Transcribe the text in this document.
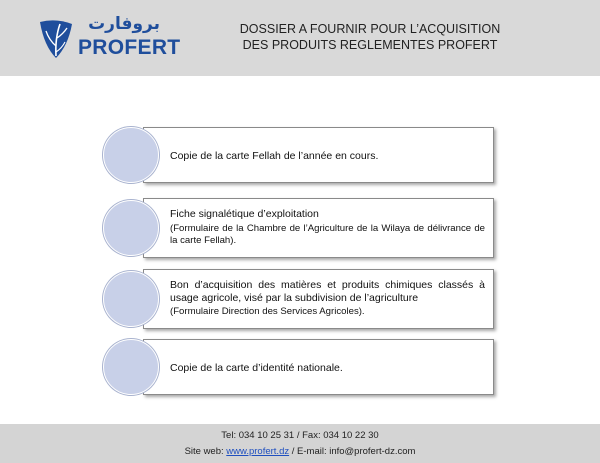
بروفارت
PROFERT
DOSSIER A FOURNIR POUR L’ACQUISITION
DES PRODUITS REGLEMENTES PROFERT
Copie de la carte Fellah de l’année en cours.
Fiche signalétique d’exploitation
(Formulaire de la Chambre de l’Agriculture de la Wilaya de délivrance de la carte Fellah).
Bon d’acquisition des matières et produits chimiques classés à usage agricole, visé par la subdivision de l’agriculture
(Formulaire Direction des Services Agricoles).
Copie de la carte d’identité nationale.
Tel: 034 10 25 31 / Fax: 034 10 22 30
Site web: www.profert.dz / E-mail: info@profert-dz.com
